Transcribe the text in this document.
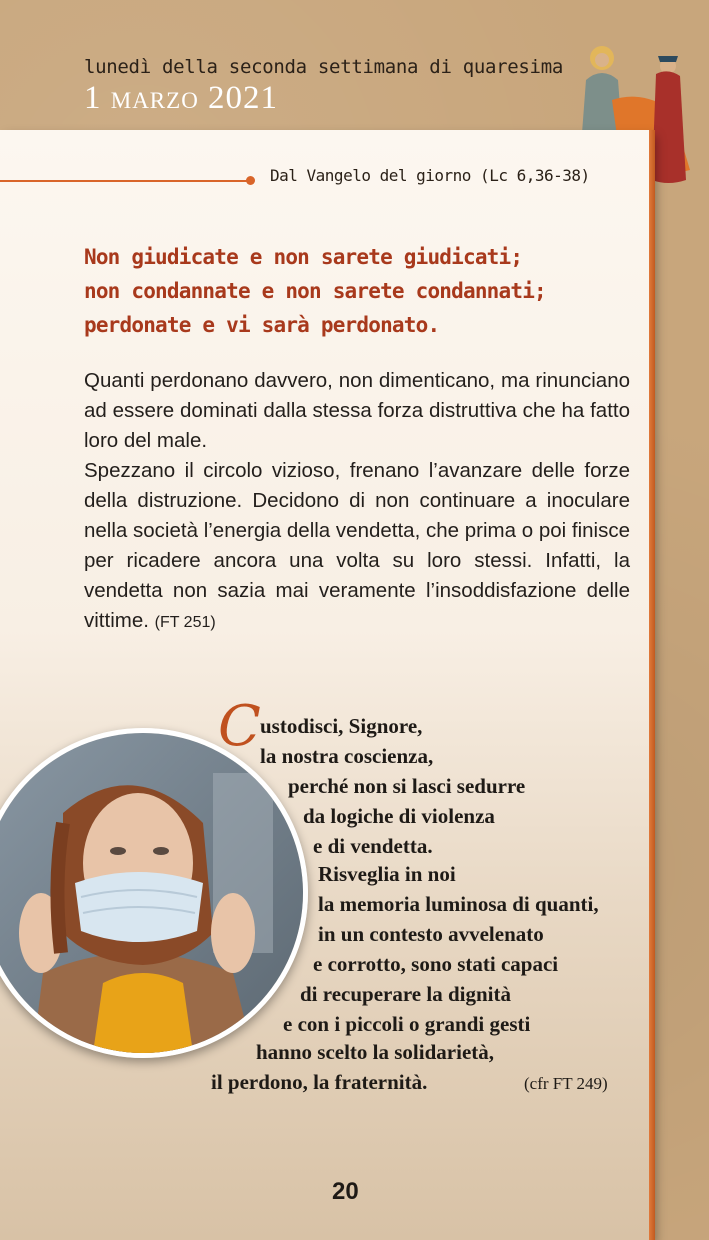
lunedì della seconda settimana di quaresima
1 marzo 2021
Dal Vangelo del giorno (Lc 6,36-38)
Non giudicate e non sarete giudicati;
non condannate e non sarete condannati;
perdonate e vi sarà perdonato.

Quanti perdonano davvero, non dimenticano, ma rinunciano ad essere dominati dalla stessa forza distruttiva che ha fatto loro del male.

Spezzano il circolo vizioso, frenano l’avanzare delle forze della distruzione. Decidono di non continuare a inoculare nella società l’energia della vendetta, che prima o poi finisce per ricadere ancora una volta su loro stessi. Infatti, la vendetta non sazia mai veramente l’insoddisfazione delle vittime. (FT 251)

C ustodisci, Signore,
la nostra coscienza,
perché non si lasci sedurre
da logiche di violenza
e di vendetta.
Risveglia in noi
la memoria luminosa di quanti,
in un contesto avvelenato
e corrotto, sono stati capaci
di recuperare la dignità
e con i piccoli o grandi gesti
hanno scelto la solidarietà,
il perdono, la fraternità.	(cfr FT 249)
20
